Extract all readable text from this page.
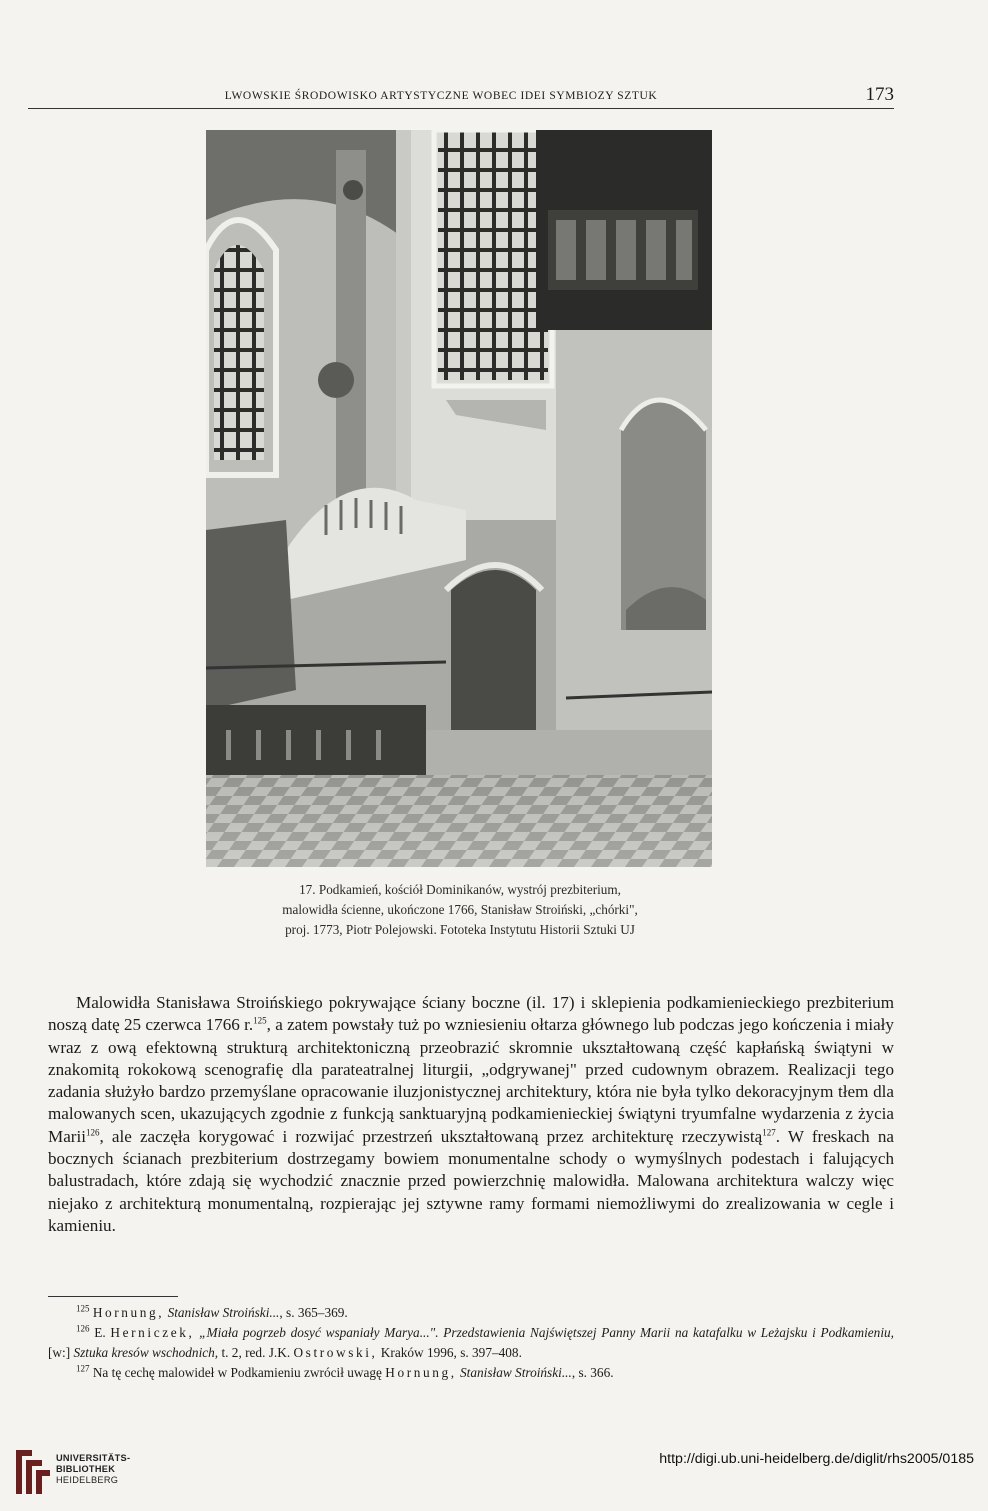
LWOWSKIE ŚRODOWISKO ARTYSTYCZNE WOBEC IDEI SYMBIOZY SZTUK	173
17. Podkamień, kościół Dominikanów, wystrój prezbiterium,
malowidła ścienne, ukończone 1766, Stanisław Stroiński, „chórki",
proj. 1773, Piotr Polejowski. Fototeka Instytutu Historii Sztuki UJ

Malowidła Stanisława Stroińskiego pokrywające ściany boczne (il. 17) i sklepienia podkamienieckiego prezbiterium noszą datę 25 czerwca 1766 r.$^{125}$, a zatem powstały tuż po wzniesieniu ołtarza głównego lub podczas jego kończenia i miały wraz z ową efektowną strukturą architektoniczną przeobrazić skromnie ukształtowaną część kapłańską świątyni w znakomitą rokokową scenografię dla parateatralnej liturgii, „odgrywanej" przed cudownym obrazem. Realizacji tego zadania służyło bardzo przemyślane opracowanie iluzjonistycznej architektury, która nie była tylko dekoracyjnym tłem dla malowanych scen, ukazujących zgodnie z funkcją sanktuaryjną podkamienieckiej świątyni tryumfalne wydarzenia z życia Marii$^{126}$, ale zaczęła korygować i rozwijać przestrzeń ukształtowaną przez architekturę rzeczywistą$^{127}$. W freskach na bocznych ścianach prezbiterium dostrzegamy bowiem monumentalne schody o wymyślnych podestach i falujących balustradach, które zdają się wychodzić znacznie przed powierzchnię malowidła. Malowana architektura walczy więc niejako z architekturą monumentalną, rozpierając jej sztywne ramy formami niemożliwymi do zrealizowania w cegle i kamieniu.

$^{125}$ Hornung, Stanisław Stroiński..., s. 365–369.

$^{126}$ E. Herniczek, „Miała pogrzeb dosyć wspaniały Marya...". Przedstawienia Najświętszej Panny Marii na katafalku w Leżajsku i Podkamieniu, [w:] Sztuka kresów wschodnich, t. 2, red. J.K. Ostrowski, Kraków 1996, s. 397–408.

$^{127}$ Na tę cechę malowideł w Podkamieniu zwrócił uwagę Hornung, Stanisław Stroiński..., s. 366.

UNIVERSITÄTS-
BIBLIOTHEK
HEIDELBERG
http://digi.ub.uni-heidelberg.de/diglit/rhs2005/0185
